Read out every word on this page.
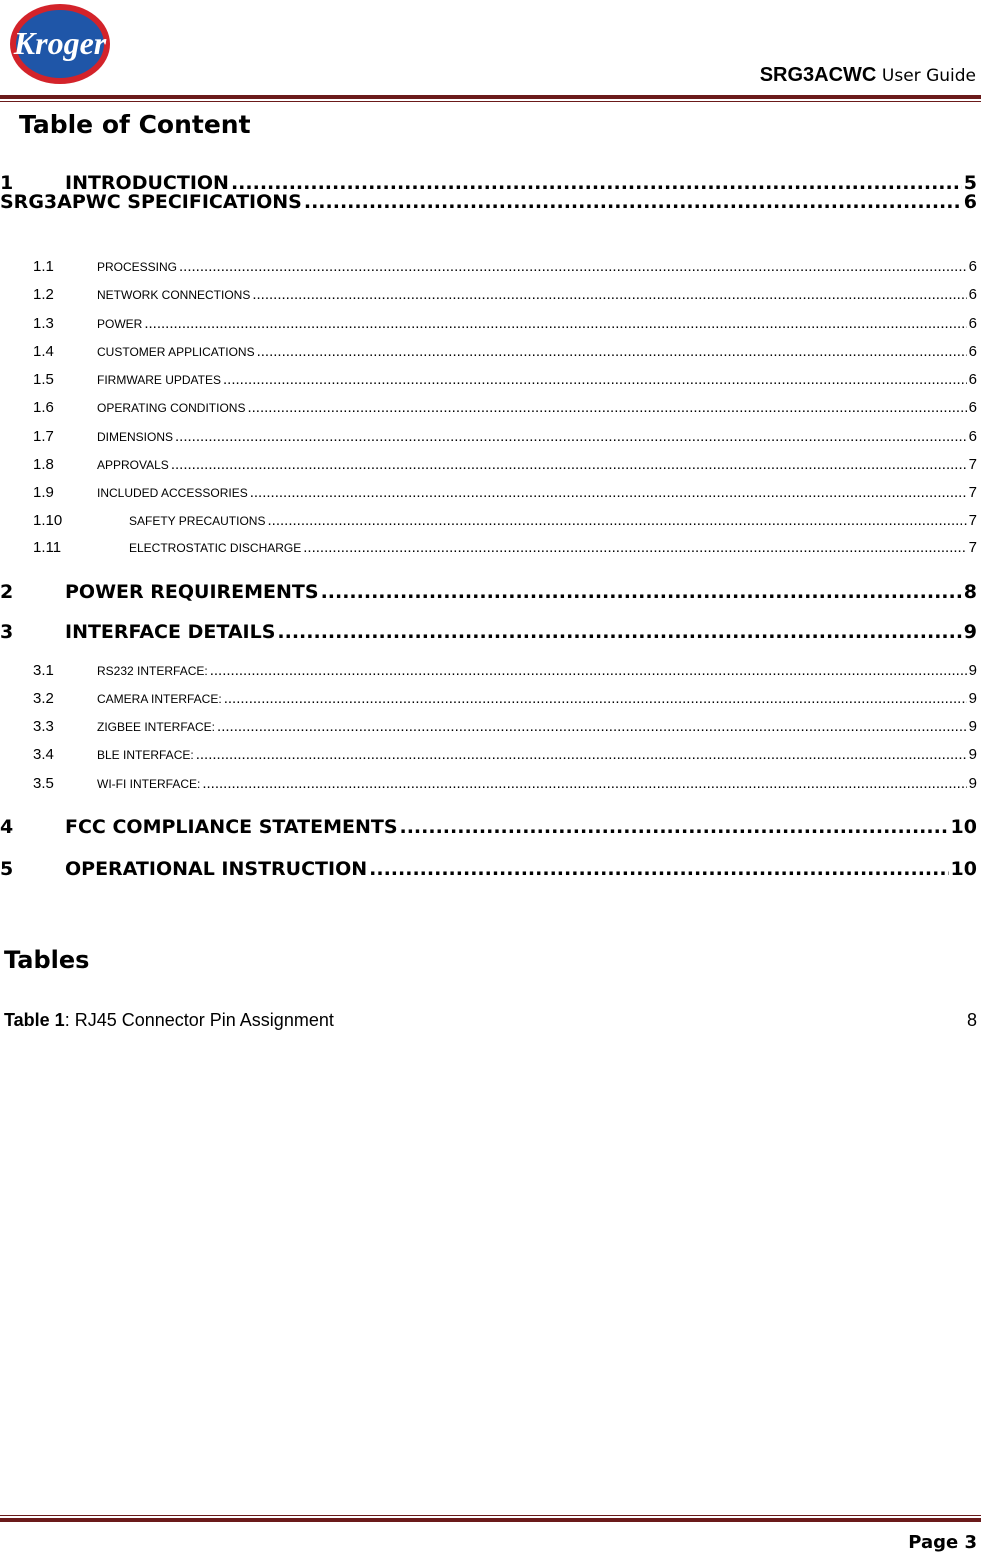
Kroger
SRG3ACWC User Guide
Table of Content
1	INTRODUCTION .....	5
SRG3APWC SPECIFICATIONS .....	6
1.1	PROCESSING .....	6
1.2	NETWORK CONNECTIONS .....	6
1.3	POWER .....	6
1.4	CUSTOMER APPLICATIONS .....	6
1.5	FIRMWARE UPDATES .....	6
1.6	OPERATING CONDITIONS .....	6
1.7	DIMENSIONS .....	6
1.8	APPROVALS .....	7
1.9	INCLUDED ACCESSORIES .....	7
1.10	SAFETY PRECAUTIONS .....	7
1.11	ELECTROSTATIC DISCHARGE .....	7
2	POWER REQUIREMENTS .....	8
3	INTERFACE DETAILS .....	9
3.1	RS232 INTERFACE: .....	9
3.2	CAMERA INTERFACE: .....	9
3.3	ZIGBEE INTERFACE: .....	9
3.4	BLE INTERFACE: .....	9
3.5	WI-FI INTERFACE: .....	9
4	FCC COMPLIANCE STATEMENTS .....	10
5	OPERATIONAL INSTRUCTION .....	10
Tables
Table 1: RJ45 Connector Pin Assignment	8
Page 3
